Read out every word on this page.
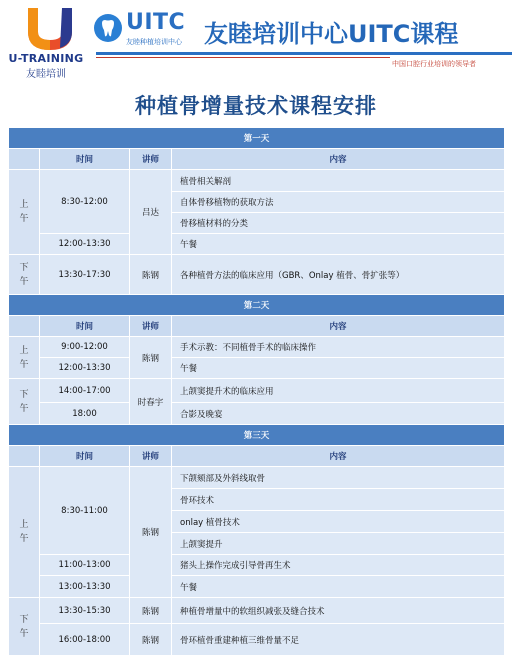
U-TRAINING
友睦培训
UITC
友睦种植培训中心 友睦培训中心UITC课程
中国口腔行业培训的领导者
种植骨增量技术课程安排
第一天			
	时间	讲师	内容
上午	8:30-12:00	吕达	植骨相关解剖
			自体骨移植物的获取方法
			骨移植材料的分类
	12:00-13:30		午餐
下午	13:30-17:30	陈钢	各种植骨方法的临床应用（GBR、Onlay 植骨、骨扩张等）
第二天			
	时间	讲师	内容
上午	9:00-12:00	陈钢	手术示教：不同植骨手术的临床操作
	12:00-13:30		午餐
下午	14:00-17:00	时春宇	上颌窦提升术的临床应用
	18:00		合影及晚宴
第三天			
	时间	讲师	内容
上午	8:30-11:00	陈钢	下颌颏部及外斜线取骨
			骨环技术
			onlay 植骨技术
			上颌窦提升
	11:00-13:00		猪头上操作完成引导骨再生术
	13:00-13:30		午餐
下午	13:30-15:30	陈钢	种植骨增量中的软组织减张及缝合技术
	16:00-18:00	陈钢	骨环植骨重建种植三维骨量不足
